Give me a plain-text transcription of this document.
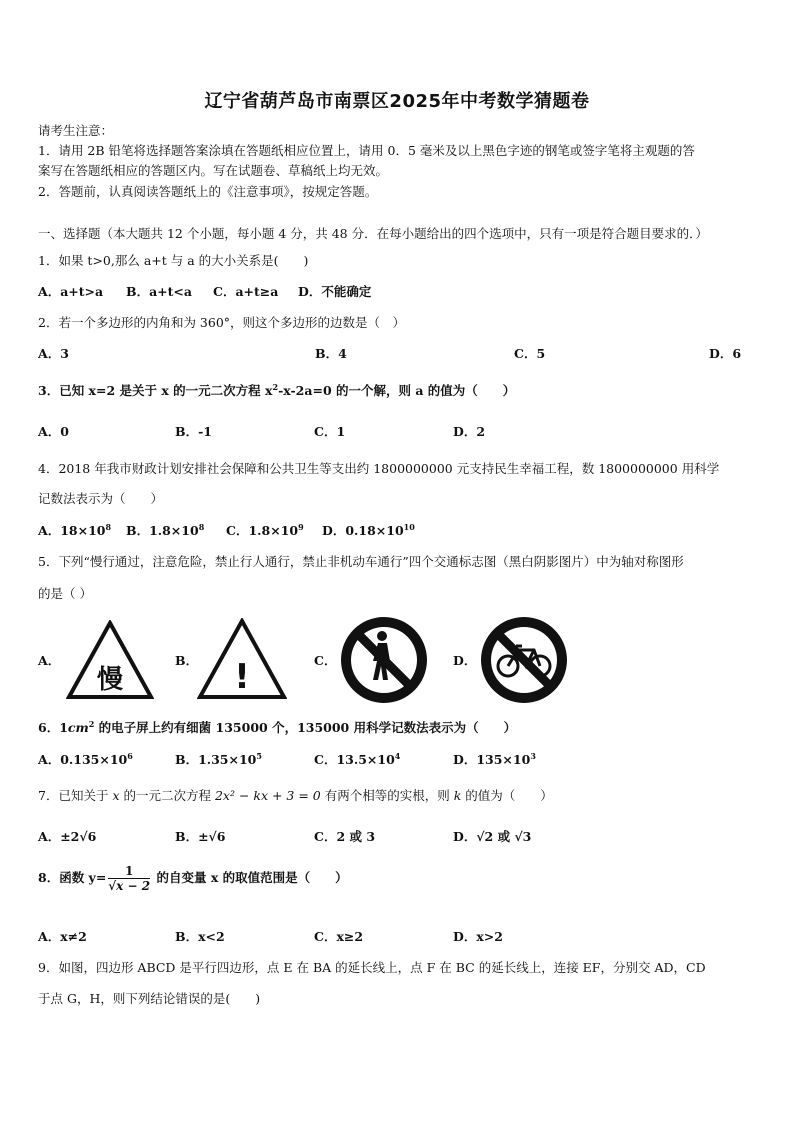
辽宁省葫芦岛市南票区2025年中考数学猜题卷
请考生注意：
1．请用 2B 铅笔将选择题答案涂填在答题纸相应位置上，请用 0．5 毫米及以上黑色字迹的钢笔或签字笔将主观题的答
案写在答题纸相应的答题区内。写在试题卷、草稿纸上均无效。
2．答题前，认真阅读答题纸上的《注意事项》，按规定答题。
一、选择题（本大题共 12 个小题，每小题 4 分，共 48 分．在每小题给出的四个选项中，只有一项是符合题目要求的．）
1．如果 t>0,那么 a+t 与 a 的大小关系是(　　)
A．a+t>a B．a+t<a C．a+t≥a D．不能确定
2．若一个多边形的内角和为 360°，则这个多边形的边数是（　）
A．3	B．4	C．5	D．6
3．已知 x=2 是关于 x 的一元二次方程 $x^2-x-2a=0$ 的一个解，则 a 的值为（　　）
A．0	B．-1	C．1	D．2
4．2018 年我市财政计划安排社会保障和公共卫生等支出约 1800000000 元支持民生幸福工程，数 1800000000 用科学
记数法表示为（　　）
A．$18\times 10^8$ B．$1.8\times 10^8$ C．$1.8\times 10^9$ D．$0.18\times 10^{10}$
5．下列“慢行通过，注意危险，禁止行人通行，禁止非机动车通行”四个交通标志图（黑白阴影图片）中为轴对称图形
的是（ ）
A．
慢
B． !	C．	D．
6．$1cm^2$ 的电子屏上约有细菌 135000 个，135000 用科学记数法表示为（　　）
A．$0.135\times 10^6$	B．$1.35\times 10^5$	C．$13.5\times 10^4$	D．$135\times 10^3$
7．已知关于 x 的一元二次方程 2x² − kx + 3 = 0 有两个相等的实根，则 k 的值为（　　）
A．±2√6	B．±√6	C．2 或 3	D．√2 或 √3
8．函数 $y= \frac{1}{√x - 2}$ 的自变量 x 的取值范围是（　　）
A．x≠2	B．x<2	C．x≥2	D．x>2
9．如图，四边形 ABCD 是平行四边形，点 E 在 BA 的延长线上，点 F 在 BC 的延长线上，连接 EF，分别交 AD，CD
于点 G，H，则下列结论错误的是(　　)
